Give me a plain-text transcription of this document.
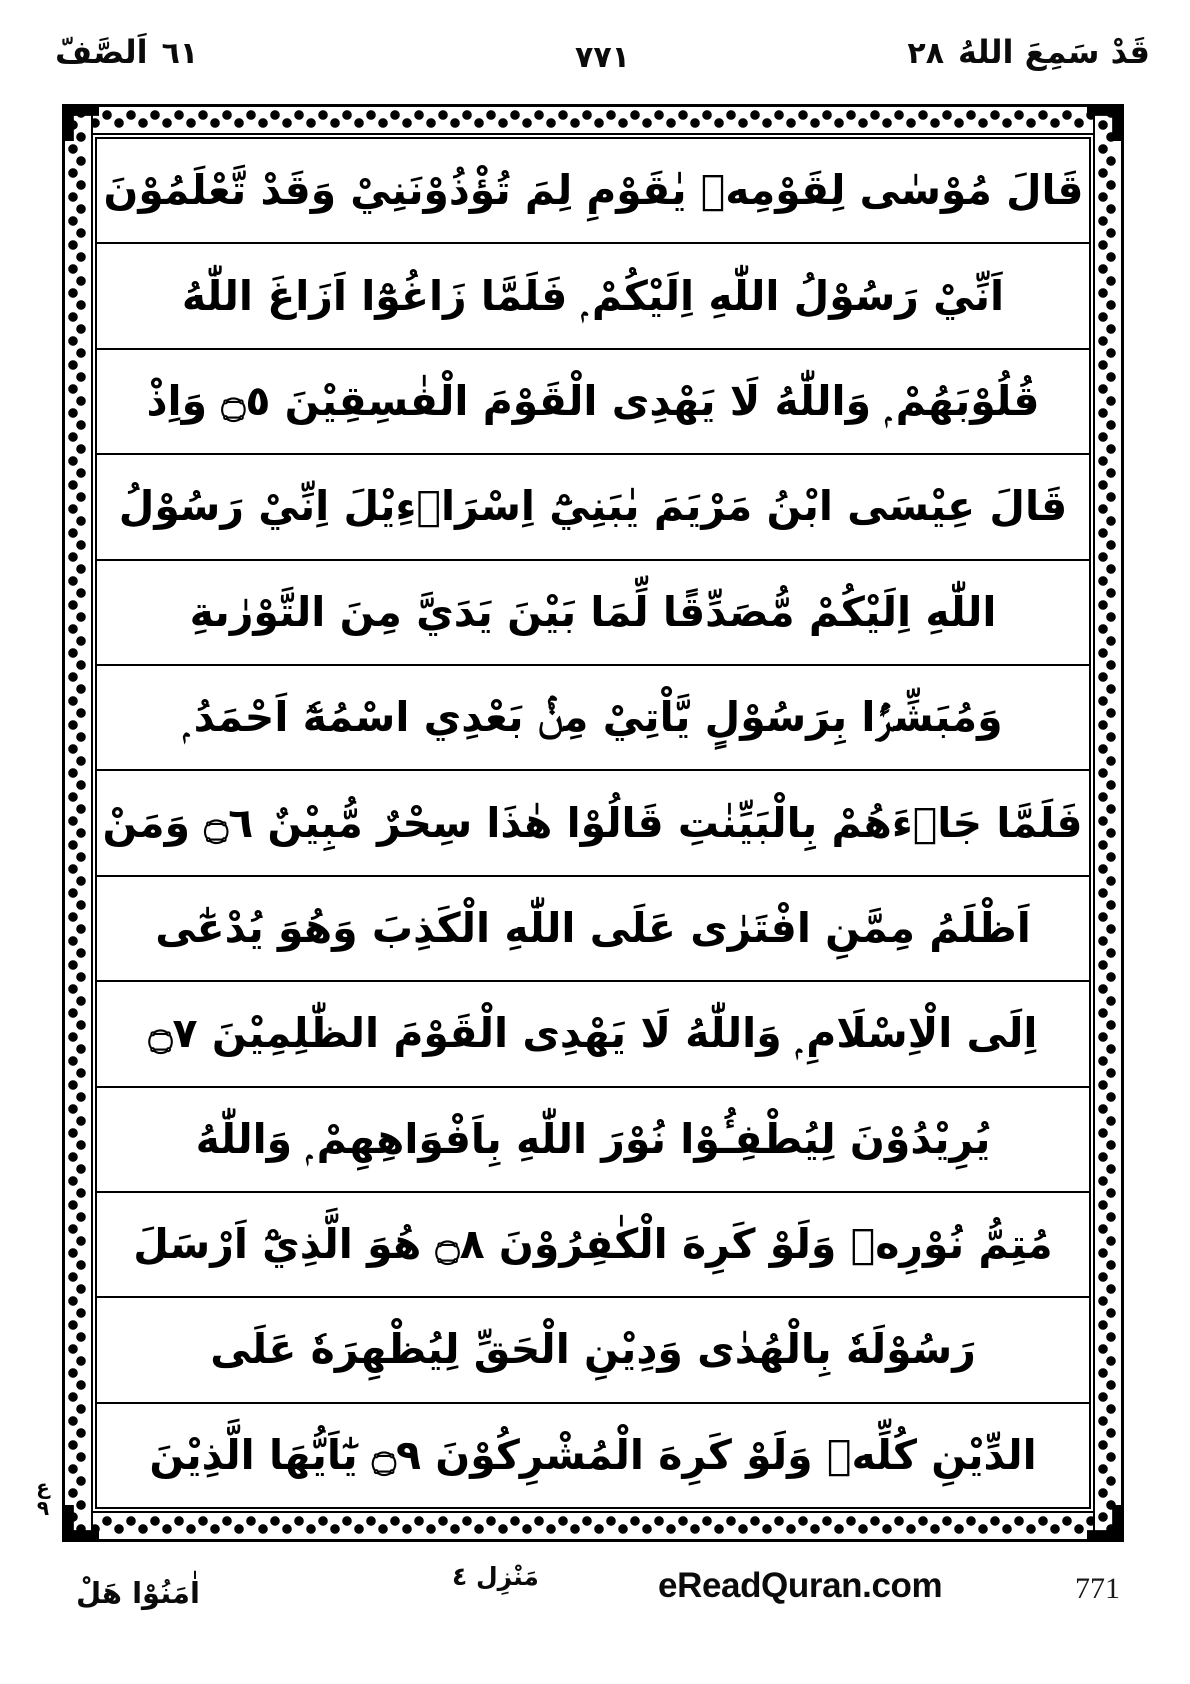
٦١
اَلصَّفّ	٧٧١	قَدْ سَمِعَ اللهُ
٢٨
قَالَ مُوْسٰى لِقَوْمِهٖ يٰقَوْمِ لِمَ تُؤْذُوْنَنِيْ وَقَدْ تَّعْلَمُوْنَ
اَنِّيْ رَسُوْلُ اللّٰهِ اِلَيْكُمْ ۭ فَلَمَّا زَاغُوْٓا اَزَاغَ اللّٰهُ
قُلُوْبَهُمْ ۭ وَاللّٰهُ لَا يَهْدِى الْقَوْمَ الْفٰسِقِيْنَ ۝٥ وَاِذْ
قَالَ عِيْسَى ابْنُ مَرْيَمَ يٰبَنِيْٓ اِسْرَاۗءِيْلَ اِنِّيْ رَسُوْلُ
اللّٰهِ اِلَيْكُمْ مُّصَدِّقًا لِّمَا بَيْنَ يَدَيَّ مِنَ التَّوْرٰىةِ
وَمُبَشِّرًۢا بِرَسُوْلٍ يَّاْتِيْ مِنْۢ بَعْدِي اسْمُهٗٓ اَحْمَدُ ۭ
فَلَمَّا جَاۗءَهُمْ بِالْبَيِّنٰتِ قَالُوْا هٰذَا سِحْرٌ مُّبِيْنٌ ۝٦ وَمَنْ
اَظْلَمُ مِمَّنِ افْتَرٰى عَلَى اللّٰهِ الْكَذِبَ وَهُوَ يُدْعٰٓى
اِلَى الْاِسْلَامِ ۭ وَاللّٰهُ لَا يَهْدِى الْقَوْمَ الظّٰلِمِيْنَ ۝٧
يُرِيْدُوْنَ لِيُطْفِـُٔوْا نُوْرَ اللّٰهِ بِاَفْوَاهِهِمْ ۭ وَاللّٰهُ
مُتِمُّ نُوْرِهٖ وَلَوْ كَرِهَ الْكٰفِرُوْنَ ۝٨ هُوَ الَّذِيْٓ اَرْسَلَ
رَسُوْلَهٗ بِالْهُدٰى وَدِيْنِ الْحَقِّ لِيُظْهِرَهٗ عَلَى
الدِّيْنِ كُلِّهٖ وَلَوْ كَرِهَ الْمُشْرِكُوْنَ ۝٩ يٰٓاَيُّهَا الَّذِيْنَ
ع
٩
اٰمَنُوْا هَلْ	مَنْزِل ٤	eReadQuran.com	771
